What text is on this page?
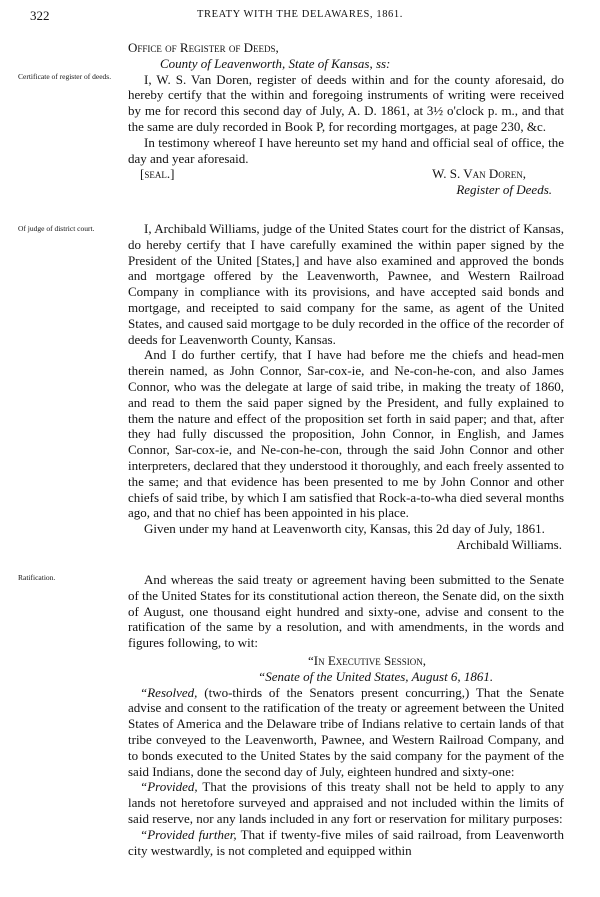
322	TREATY WITH THE DELAWARES, 1861.
Certificate of register of deeds.
Of judge of district court.
Ratification.

Office of Register of Deeds,

County of Leavenworth, State of Kansas, ss:

I, W. S. Van Doren, register of deeds within and for the county aforesaid, do hereby certify that the within and foregoing instruments of writing were received by me for record this second day of July, A. D. 1861, at 3½ o'clock p. m., and that the same are duly recorded in Book P, for recording mortgages, at page 230, &c.

In testimony whereof I have hereunto set my hand and official seal of office, the day and year aforesaid.

[seal.]	W. S. Van Doren,

Register of Deeds.

I, Archibald Williams, judge of the United States court for the district of Kansas, do hereby certify that I have carefully examined the within paper signed by the President of the United [States,] and have also examined and approved the bonds and mortgage offered by the Leavenworth, Pawnee, and Western Railroad Company in compliance with its provisions, and have accepted said bonds and mortgage, and receipted to said company for the same, as agent of the United States, and caused said mortgage to be duly recorded in the office of the recorder of deeds for Leavenworth County, Kansas.

And I do further certify, that I have had before me the chiefs and head-men therein named, as John Connor, Sar-cox-ie, and Ne-con-he-con, and also James Connor, who was the delegate at large of said tribe, in making the treaty of 1860, and read to them the said paper signed by the President, and fully explained to them the nature and effect of the proposition set forth in said paper; and that, after they had fully discussed the proposition, John Connor, in English, and James Connor, Sar-cox-ie, and Ne-con-he-con, through the said John Connor and other interpreters, declared that they understood it thoroughly, and each freely assented to the same; and that evidence has been presented to me by John Connor and other chiefs of said tribe, by which I am satisfied that Rock-a-to-wha died several months ago, and that no chief has been appointed in his place.

Given under my hand at Leavenworth city, Kansas, this 2d day of July, 1861.

Archibald Williams.

And whereas the said treaty or agreement having been submitted to the Senate of the United States for its constitutional action thereon, the Senate did, on the sixth of August, one thousand eight hundred and sixty-one, advise and consent to the ratification of the same by a resolution, and with amendments, in the words and figures following, to wit:

“In Executive Session,

“Senate of the United States, August 6, 1861.

“Resolved, (two-thirds of the Senators present concurring,) That the Senate advise and consent to the ratification of the treaty or agreement between the United States of America and the Delaware tribe of Indians relative to certain lands of that tribe conveyed to the Leavenworth, Pawnee, and Western Railroad Company, and to bonds executed to the United States by the said company for the payment of the said Indians, done the second day of July, eighteen hundred and sixty-one:

“Provided, That the provisions of this treaty shall not be held to apply to any lands not heretofore surveyed and appraised and not included within the limits of said reserve, nor any lands included in any fort or reservation for military purposes:

“Provided further, That if twenty-five miles of said railroad, from Leavenworth city westwardly, is not completed and equipped within
